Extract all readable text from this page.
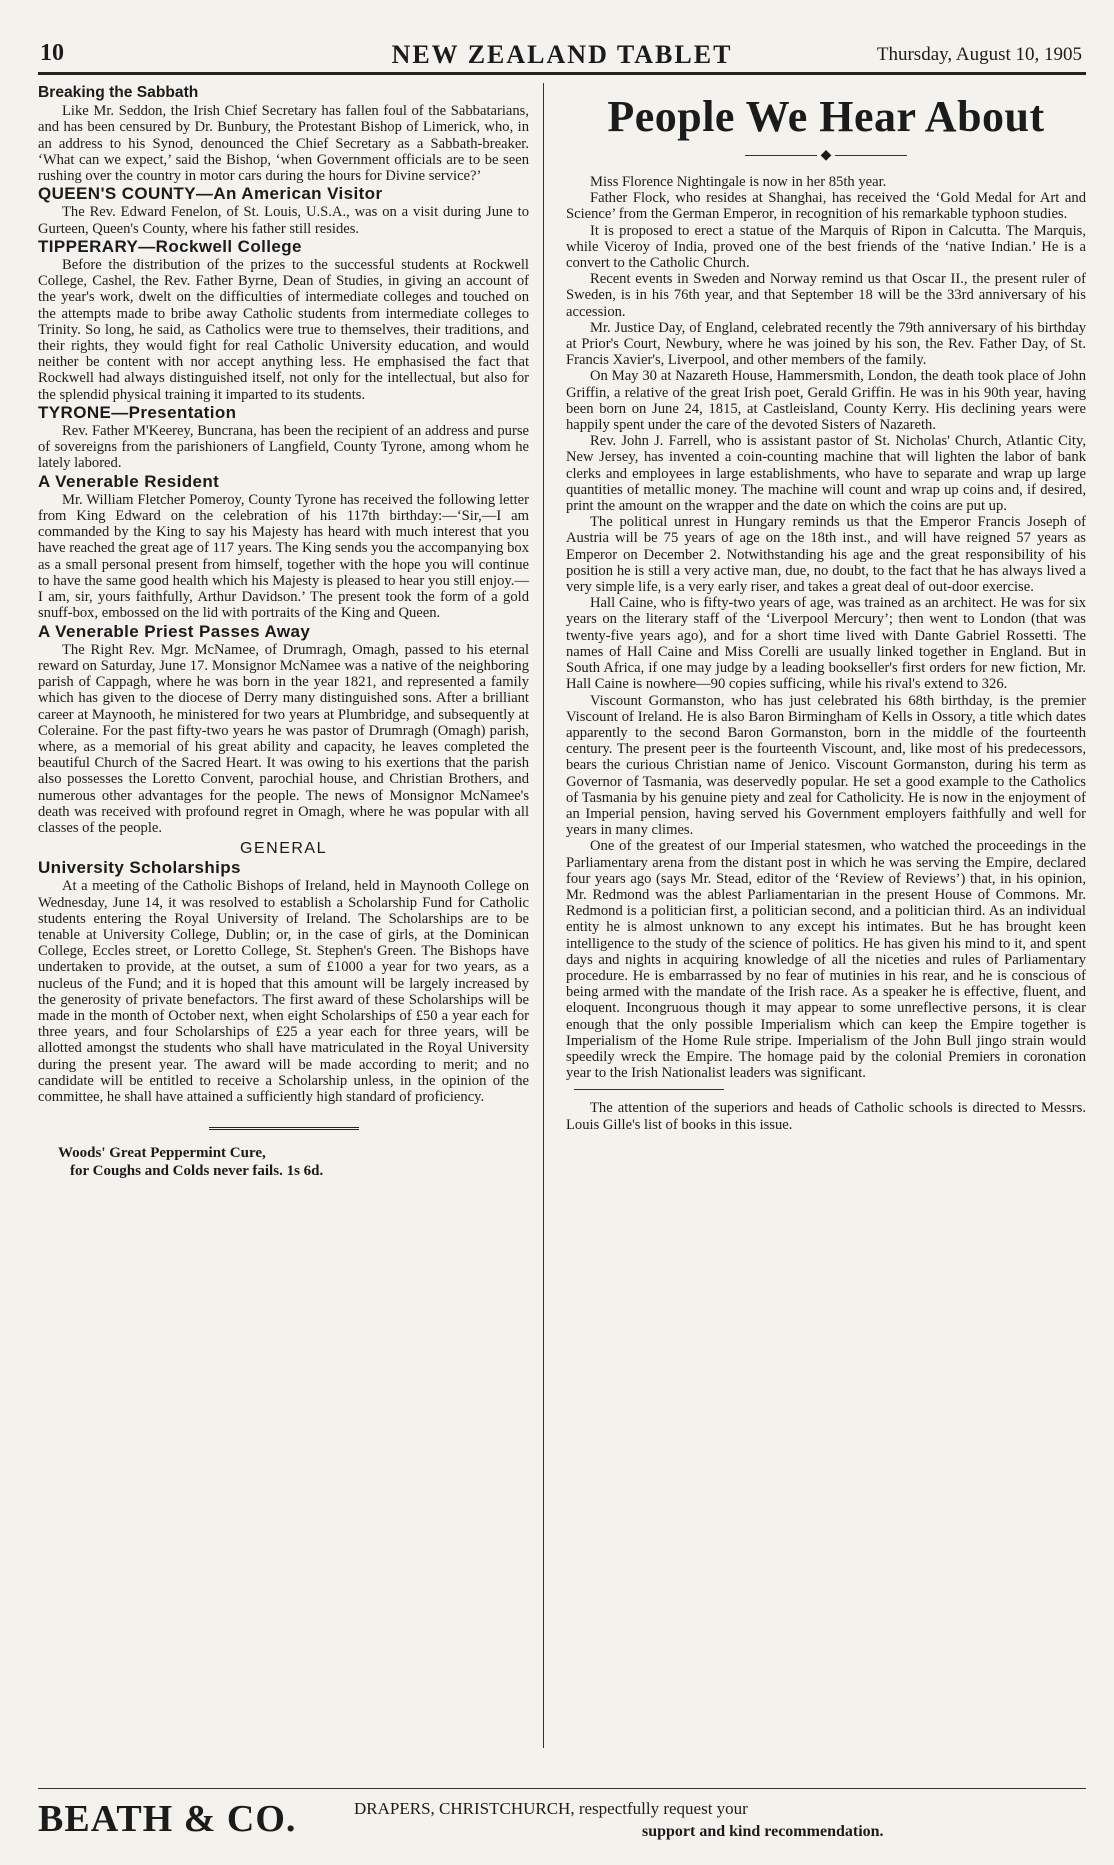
10	NEW ZEALAND TABLET	Thursday, August 10, 1905

Breaking the Sabbath

Like Mr. Seddon, the Irish Chief Secretary has fallen foul of the Sabbatarians, and has been censured by Dr. Bunbury, the Protestant Bishop of Limerick, who, in an address to his Synod, denounced the Chief Secretary as a Sabbath-breaker. ‘What can we expect,’ said the Bishop, ‘when Government officials are to be seen rushing over the country in motor cars during the hours for Divine service?’

QUEEN'S COUNTY—An American Visitor

The Rev. Edward Fenelon, of St. Louis, U.S.A., was on a visit during June to Gurteen, Queen's County, where his father still resides.

TIPPERARY—Rockwell College

Before the distribution of the prizes to the successful students at Rockwell College, Cashel, the Rev. Father Byrne, Dean of Studies, in giving an account of the year's work, dwelt on the difficulties of intermediate colleges and touched on the attempts made to bribe away Catholic students from intermediate colleges to Trinity. So long, he said, as Catholics were true to themselves, their traditions, and their rights, they would fight for real Catholic University education, and would neither be content with nor accept anything less. He emphasised the fact that Rockwell had always distinguished itself, not only for the intellectual, but also for the splendid physical training it imparted to its students.

TYRONE—Presentation

Rev. Father M'Keerey, Buncrana, has been the recipient of an address and purse of sovereigns from the parishioners of Langfield, County Tyrone, among whom he lately labored.

A Venerable Resident

Mr. William Fletcher Pomeroy, County Tyrone has received the following letter from King Edward on the celebration of his 117th birthday:—‘Sir,—I am commanded by the King to say his Majesty has heard with much interest that you have reached the great age of 117 years. The King sends you the accompanying box as a small personal present from himself, together with the hope you will continue to have the same good health which his Majesty is pleased to hear you still enjoy.—I am, sir, yours faithfully, Arthur Davidson.’ The present took the form of a gold snuff-box, embossed on the lid with portraits of the King and Queen.

A Venerable Priest Passes Away

The Right Rev. Mgr. McNamee, of Drumragh, Omagh, passed to his eternal reward on Saturday, June 17. Monsignor McNamee was a native of the neighboring parish of Cappagh, where he was born in the year 1821, and represented a family which has given to the diocese of Derry many distinguished sons. After a brilliant career at Maynooth, he ministered for two years at Plumbridge, and subsequently at Coleraine. For the past fifty-two years he was pastor of Drumragh (Omagh) parish, where, as a memorial of his great ability and capacity, he leaves completed the beautiful Church of the Sacred Heart. It was owing to his exertions that the parish also possesses the Loretto Convent, parochial house, and Christian Brothers, and numerous other advantages for the people. The news of Monsignor McNamee's death was received with profound regret in Omagh, where he was popular with all classes of the people.

GENERAL

University Scholarships

At a meeting of the Catholic Bishops of Ireland, held in Maynooth College on Wednesday, June 14, it was resolved to establish a Scholarship Fund for Catholic students entering the Royal University of Ireland. The Scholarships are to be tenable at University College, Dublin; or, in the case of girls, at the Dominican College, Eccles street, or Loretto College, St. Stephen's Green. The Bishops have undertaken to provide, at the outset, a sum of £1000 a year for two years, as a nucleus of the Fund; and it is hoped that this amount will be largely increased by the generosity of private benefactors. The first award of these Scholarships will be made in the month of October next, when eight Scholarships of £50 a year each for three years, and four Scholarships of £25 a year each for three years, will be allotted amongst the students who shall have matriculated in the Royal University during the present year. The award will be made according to merit; and no candidate will be entitled to receive a Scholarship unless, in the opinion of the committee, he shall have attained a sufficiently high standard of proficiency.

Woods' Great Peppermint Cure,
for Coughs and Colds never fails. 1s 6d.

People We Hear About
◆

Miss Florence Nightingale is now in her 85th year.

Father Flock, who resides at Shanghai, has received the ‘Gold Medal for Art and Science’ from the German Emperor, in recognition of his remarkable typhoon studies.

It is proposed to erect a statue of the Marquis of Ripon in Calcutta. The Marquis, while Viceroy of India, proved one of the best friends of the ‘native Indian.’ He is a convert to the Catholic Church.

Recent events in Sweden and Norway remind us that Oscar II., the present ruler of Sweden, is in his 76th year, and that September 18 will be the 33rd anniversary of his accession.

Mr. Justice Day, of England, celebrated recently the 79th anniversary of his birthday at Prior's Court, Newbury, where he was joined by his son, the Rev. Father Day, of St. Francis Xavier's, Liverpool, and other members of the family.

On May 30 at Nazareth House, Hammersmith, London, the death took place of John Griffin, a relative of the great Irish poet, Gerald Griffin. He was in his 90th year, having been born on June 24, 1815, at Castleisland, County Kerry. His declining years were happily spent under the care of the devoted Sisters of Nazareth.

Rev. John J. Farrell, who is assistant pastor of St. Nicholas' Church, Atlantic City, New Jersey, has invented a coin-counting machine that will lighten the labor of bank clerks and employees in large establishments, who have to separate and wrap up large quantities of metallic money. The machine will count and wrap up coins and, if desired, print the amount on the wrapper and the date on which the coins are put up.

The political unrest in Hungary reminds us that the Emperor Francis Joseph of Austria will be 75 years of age on the 18th inst., and will have reigned 57 years as Emperor on December 2. Notwithstanding his age and the great responsibility of his position he is still a very active man, due, no doubt, to the fact that he has always lived a very simple life, is a very early riser, and takes a great deal of out-door exercise.

Hall Caine, who is fifty-two years of age, was trained as an architect. He was for six years on the literary staff of the ‘Liverpool Mercury’; then went to London (that was twenty-five years ago), and for a short time lived with Dante Gabriel Rossetti. The names of Hall Caine and Miss Corelli are usually linked together in England. But in South Africa, if one may judge by a leading bookseller's first orders for new fiction, Mr. Hall Caine is nowhere—90 copies sufficing, while his rival's extend to 326.

Viscount Gormanston, who has just celebrated his 68th birthday, is the premier Viscount of Ireland. He is also Baron Birmingham of Kells in Ossory, a title which dates apparently to the second Baron Gormanston, born in the middle of the fourteenth century. The present peer is the fourteenth Viscount, and, like most of his predecessors, bears the curious Christian name of Jenico. Viscount Gormanston, during his term as Governor of Tasmania, was deservedly popular. He set a good example to the Catholics of Tasmania by his genuine piety and zeal for Catholicity. He is now in the enjoyment of an Imperial pension, having served his Government employers faithfully and well for years in many climes.

One of the greatest of our Imperial statesmen, who watched the proceedings in the Parliamentary arena from the distant post in which he was serving the Empire, declared four years ago (says Mr. Stead, editor of the ‘Review of Reviews’) that, in his opinion, Mr. Redmond was the ablest Parliamentarian in the present House of Commons. Mr. Redmond is a politician first, a politician second, and a politician third. As an individual entity he is almost unknown to any except his intimates. But he has brought keen intelligence to the study of the science of politics. He has given his mind to it, and spent days and nights in acquiring knowledge of all the niceties and rules of Parliamentary procedure. He is embarrassed by no fear of mutinies in his rear, and he is conscious of being armed with the mandate of the Irish race. As a speaker he is effective, fluent, and eloquent. Incongruous though it may appear to some unreflective persons, it is clear enough that the only possible Imperialism which can keep the Empire together is Imperialism of the Home Rule stripe. Imperialism of the John Bull jingo strain would speedily wreck the Empire. The homage paid by the colonial Premiers in coronation year to the Irish Nationalist leaders was significant.

The attention of the superiors and heads of Catholic schools is directed to Messrs. Louis Gille's list of books in this issue.

BEATH & CO.	DRAPERS, CHRISTCHURCH, respectfully request your
support and kind recommendation.
